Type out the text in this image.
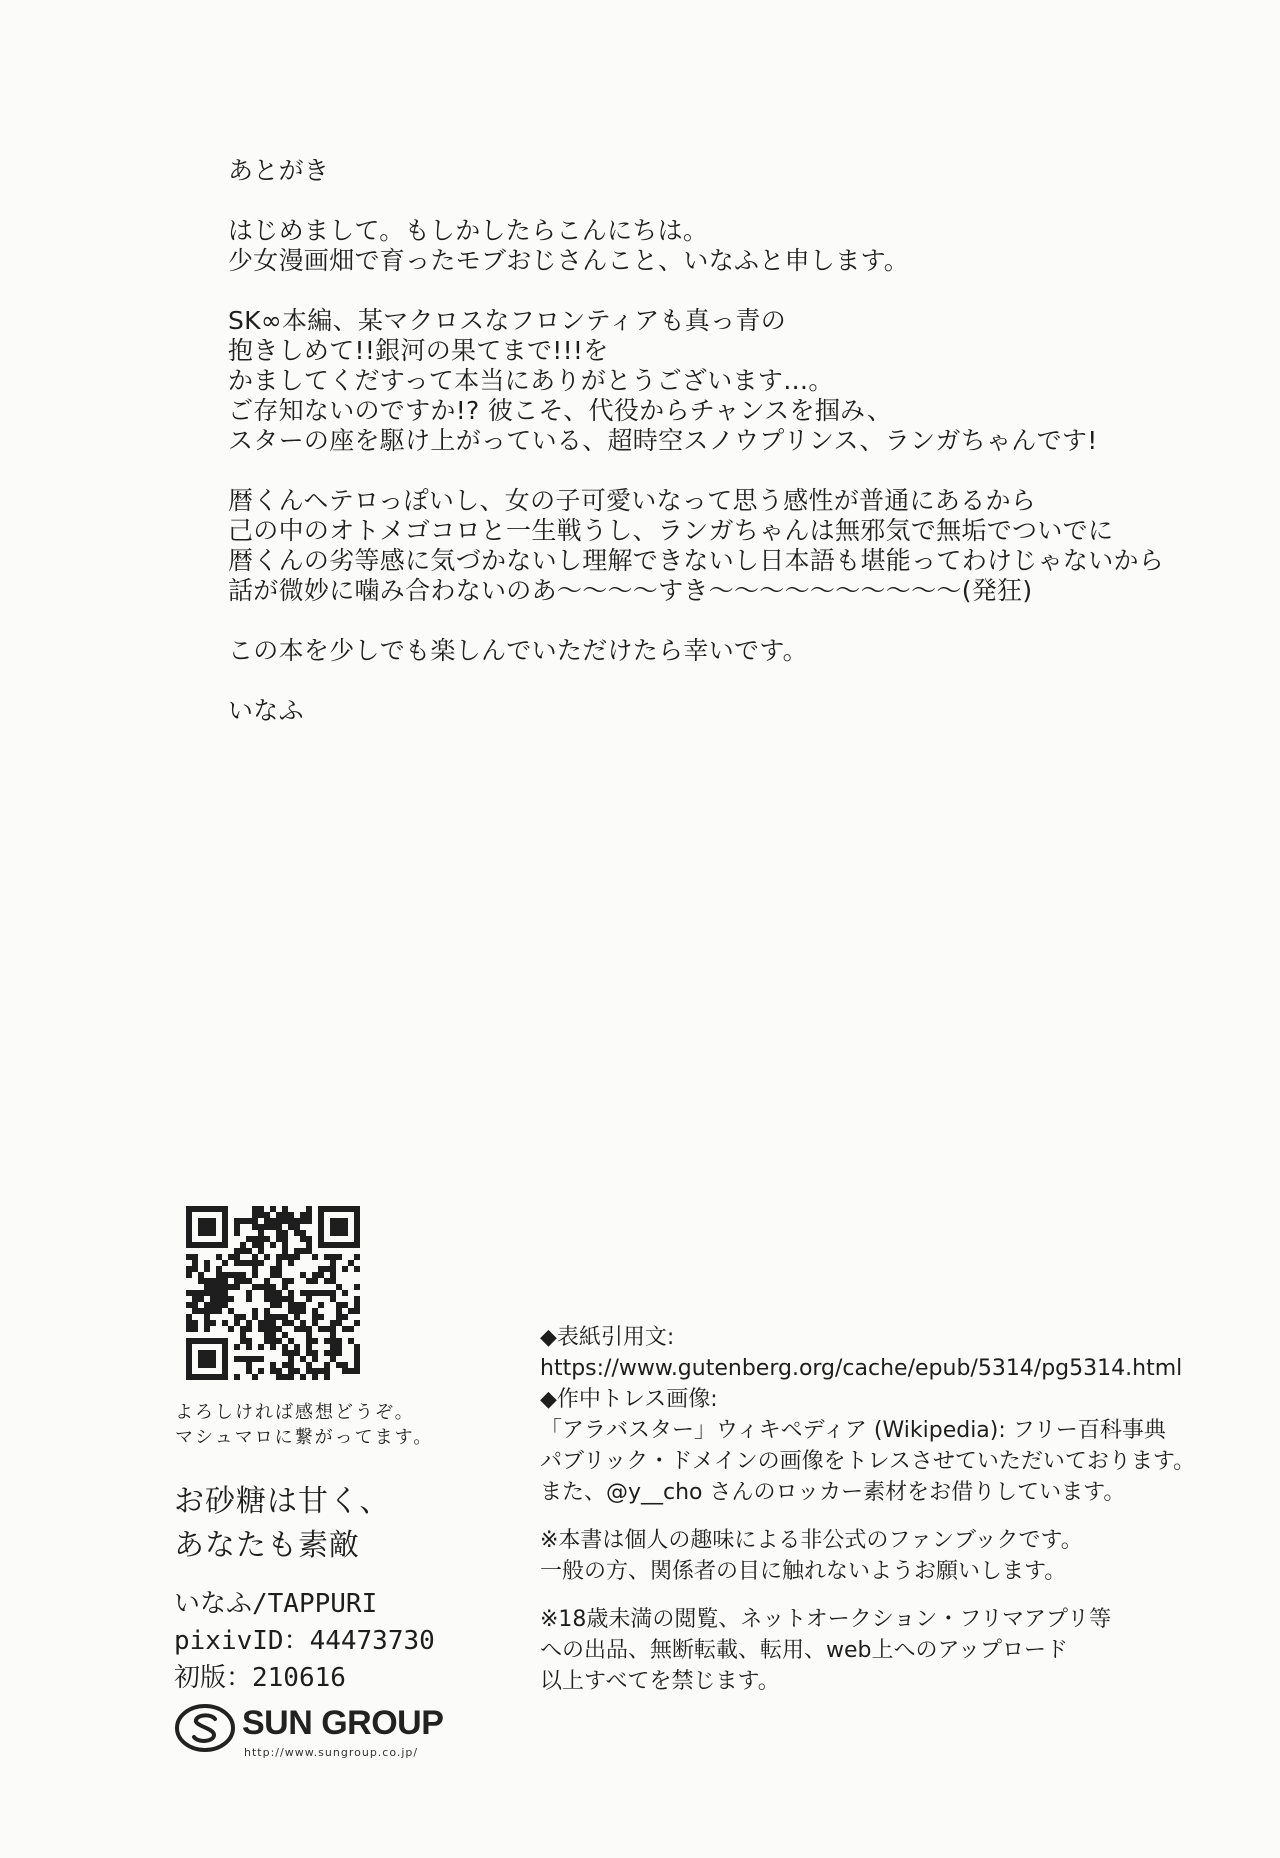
あとがき
はじめまして。もしかしたらこんにちは。
少女漫画畑で育ったモブおじさんこと、いなふと申します。
SK∞本編、某マクロスなフロンティアも真っ青の
抱きしめて!!銀河の果てまで!!!を
かましてくだすって本当にありがとうございます…。
ご存知ないのですか!? 彼こそ、代役からチャンスを掴み、
スターの座を駆け上がっている、超時空スノウプリンス、ランガちゃんです!
暦くんヘテロっぽいし、女の子可愛いなって思う感性が普通にあるから
己の中のオトメゴコロと一生戦うし、ランガちゃんは無邪気で無垢でついでに
暦くんの劣等感に気づかないし理解できないし日本語も堪能ってわけじゃないから
話が微妙に噛み合わないのあ～～～～すき～～～～～～～～～～(発狂)
この本を少しでも楽しんでいただけたら幸いです。
いなふ
よろしければ感想どうぞ。
マシュマロに繋がってます。
お砂糖は甘く、
あなたも素敵
いなふ/TAPPURI
pixivID：44473730
初版：210616
SUN GROUP
http://www.sungroup.co.jp/
◆表紙引用文:
https://www.gutenberg.org/cache/epub/5314/pg5314.html
◆作中トレス画像:
「アラバスター」ウィキペディア (Wikipedia): フリー百科事典
パブリック・ドメインの画像をトレスさせていただいております。
また、@y__cho さんのロッカー素材をお借りしています。
※本書は個人の趣味による非公式のファンブックです。
一般の方、関係者の目に触れないようお願いします。
※18歳未満の閲覧、ネットオークション・フリマアプリ等
への出品、無断転載、転用、web上へのアップロード
以上すべてを禁じます。
